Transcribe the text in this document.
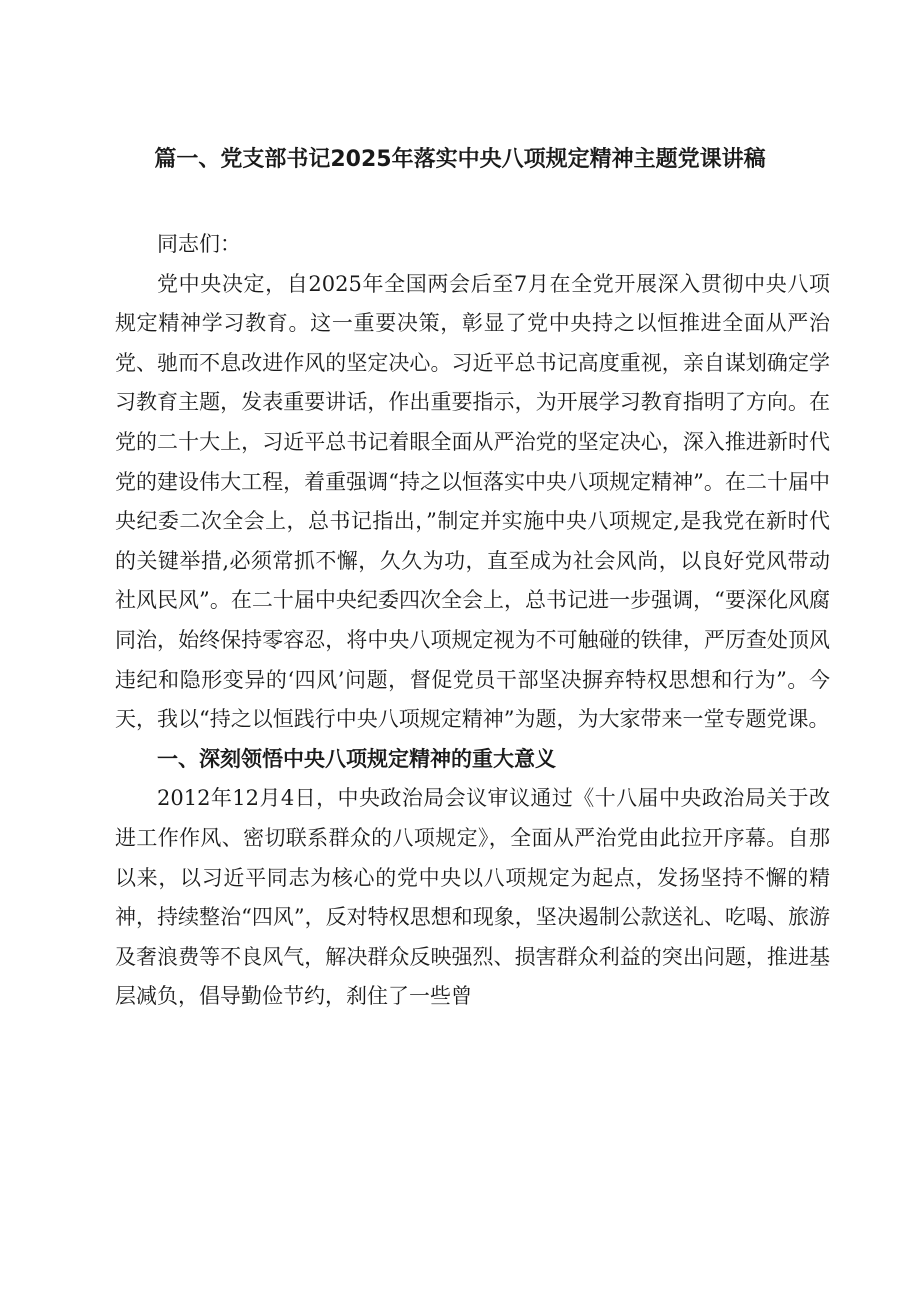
篇一、党支部书记2025年落实中央八项规定精神主题党课讲稿

同志们：

党中央决定，自2025年全国两会后至7月在全党开展深入贯彻中央八项规定精神学习教育。这一重要决策，彰显了党中央持之以恒推进全面从严治党、驰而不息改进作风的坚定决心。习近平总书记高度重视，亲自谋划确定学习教育主题，发表重要讲话，作出重要指示，为开展学习教育指明了方向。在党的二十大上，习近平总书记着眼全面从严治党的坚定决心，深入推进新时代党的建设伟大工程，着重强调“持之以恒落实中央八项规定精神”。在二十届中央纪委二次全会上，总书记指出，”制定并实施中央八项规定,是我党在新时代的关键举措,必须常抓不懈，久久为功，直至成为社会风尚，以良好党风带动社风民风”。在二十届中央纪委四次全会上，总书记进一步强调，“要深化风腐同治，始终保持零容忍，将中央八项规定视为不可触碰的铁律，严厉查处顶风违纪和隐形变异的‘四风’问题，督促党员干部坚决摒弃特权思想和行为”。今天，我以“持之以恒践行中央八项规定精神”为题，为大家带来一堂专题党课。

一、深刻领悟中央八项规定精神的重大意义

2012年12月4日，中央政治局会议审议通过《十八届中央政治局关于改进工作作风、密切联系群众的八项规定》，全面从严治党由此拉开序幕。自那以来，以习近平同志为核心的党中央以八项规定为起点，发扬坚持不懈的精神，持续整治“四风”，反对特权思想和现象，坚决遏制公款送礼、吃喝、旅游及奢浪费等不良风气，解决群众反映强烈、损害群众利益的突出问题，推进基层减负，倡导勤俭节约，刹住了一些曾
